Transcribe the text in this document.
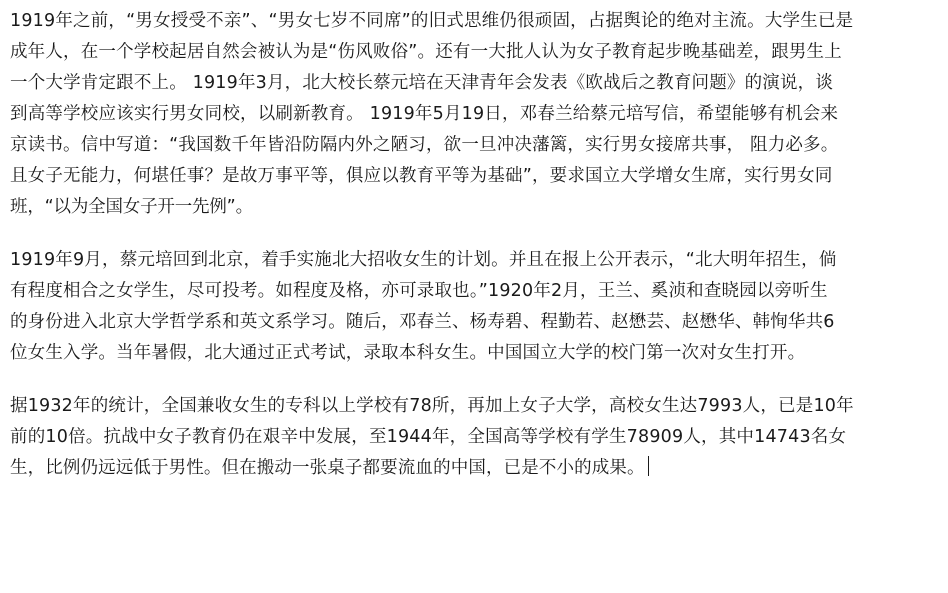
1919年之前，“男女授受不亲”、“男女七岁不同席”的旧式思维仍很顽固，占据舆论的绝对主流。大学生已是
成年人，在一个学校起居自然会被认为是“伤风败俗”。还有一大批人认为女子教育起步晚基础差，跟男生上
一个大学肯定跟不上。 1919年3月，北大校长蔡元培在天津青年会发表《欧战后之教育问题》的演说，谈
到高等学校应该实行男女同校，以刷新教育。 1919年5月19日，邓春兰给蔡元培写信，希望能够有机会来
京读书。信中写道：“我国数千年皆沿防隔内外之陋习，欲一旦冲决藩篱，实行男女接席共事， 阻力必多。
且女子无能力，何堪任事？是故万事平等，俱应以教育平等为基础”，要求国立大学增女生席，实行男女同
班，“以为全国女子开一先例”。

1919年9月，蔡元培回到北京，着手实施北大招收女生的计划。并且在报上公开表示，“北大明年招生，倘
有程度相合之女学生，尽可投考。如程度及格，亦可录取也。”1920年2月，王兰、奚浈和查晓园以旁听生
的身份进入北京大学哲学系和英文系学习。随后，邓春兰、杨寿碧、程勤若、赵懋芸、赵懋华、韩恂华共6
位女生入学。当年暑假，北大通过正式考试，录取本科女生。中国国立大学的校门第一次对女生打开。

据1932年的统计，全国兼收女生的专科以上学校有78所，再加上女子大学，高校女生达7993人，已是10年
前的10倍。抗战中女子教育仍在艰辛中发展，至1944年，全国高等学校有学生78909人，其中14743名女
生，比例仍远远低于男性。但在搬动一张桌子都要流血的中国，已是不小的成果。
